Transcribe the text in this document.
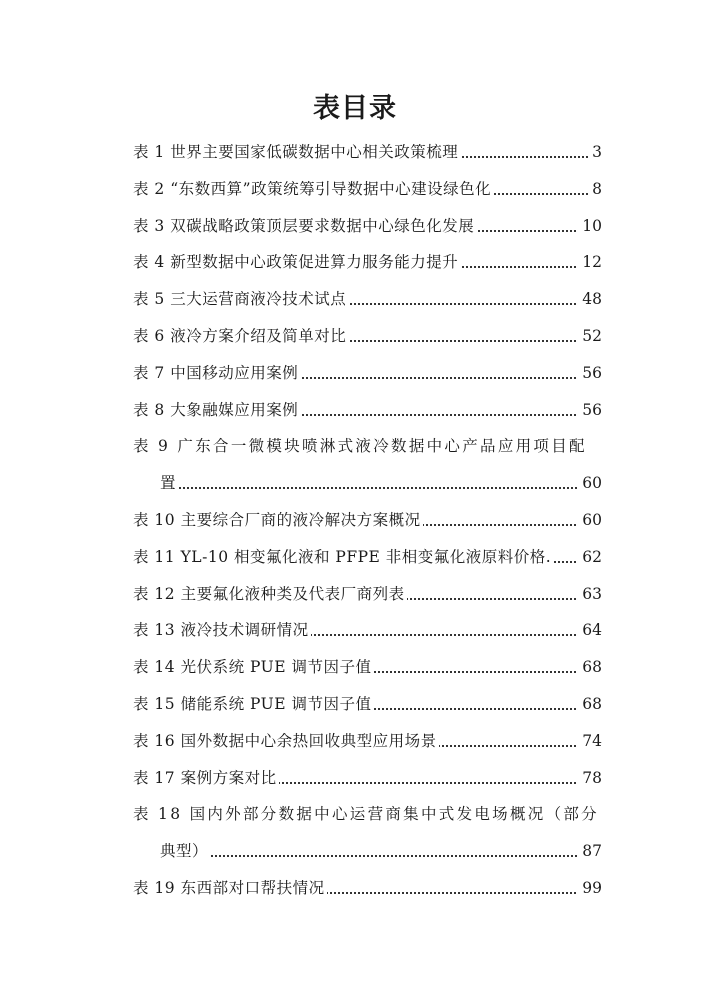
表目录
表 1 世界主要国家低碳数据中心相关政策梳理	3
表 2 “东数西算”政策统筹引导数据中心建设绿色化	8
表 3 双碳战略政策顶层要求数据中心绿色化发展	10
表 4 新型数据中心政策促进算力服务能力提升	12
表 5 三大运营商液冷技术试点	48
表 6 液冷方案介绍及简单对比	52
表 7 中国移动应用案例	56
表 8 大象融媒应用案例	56
表 9 广东合一微模块喷淋式液冷数据中心产品应用项目配
置	60
表 10 主要综合厂商的液冷解决方案概况	60
表 11 YL-10 相变氟化液和 PFPE 非相变氟化液原料价格. 62
表 12 主要氟化液种类及代表厂商列表	63
表 13 液冷技术调研情况	64
表 14 光伏系统 PUE 调节因子值	68
表 15 储能系统 PUE 调节因子值	68
表 16 国外数据中心余热回收典型应用场景	74
表 17 案例方案对比	78
表 18 国内外部分数据中心运营商集中式发电场概况（部分
典型）	87
表 19 东西部对口帮扶情况	99
